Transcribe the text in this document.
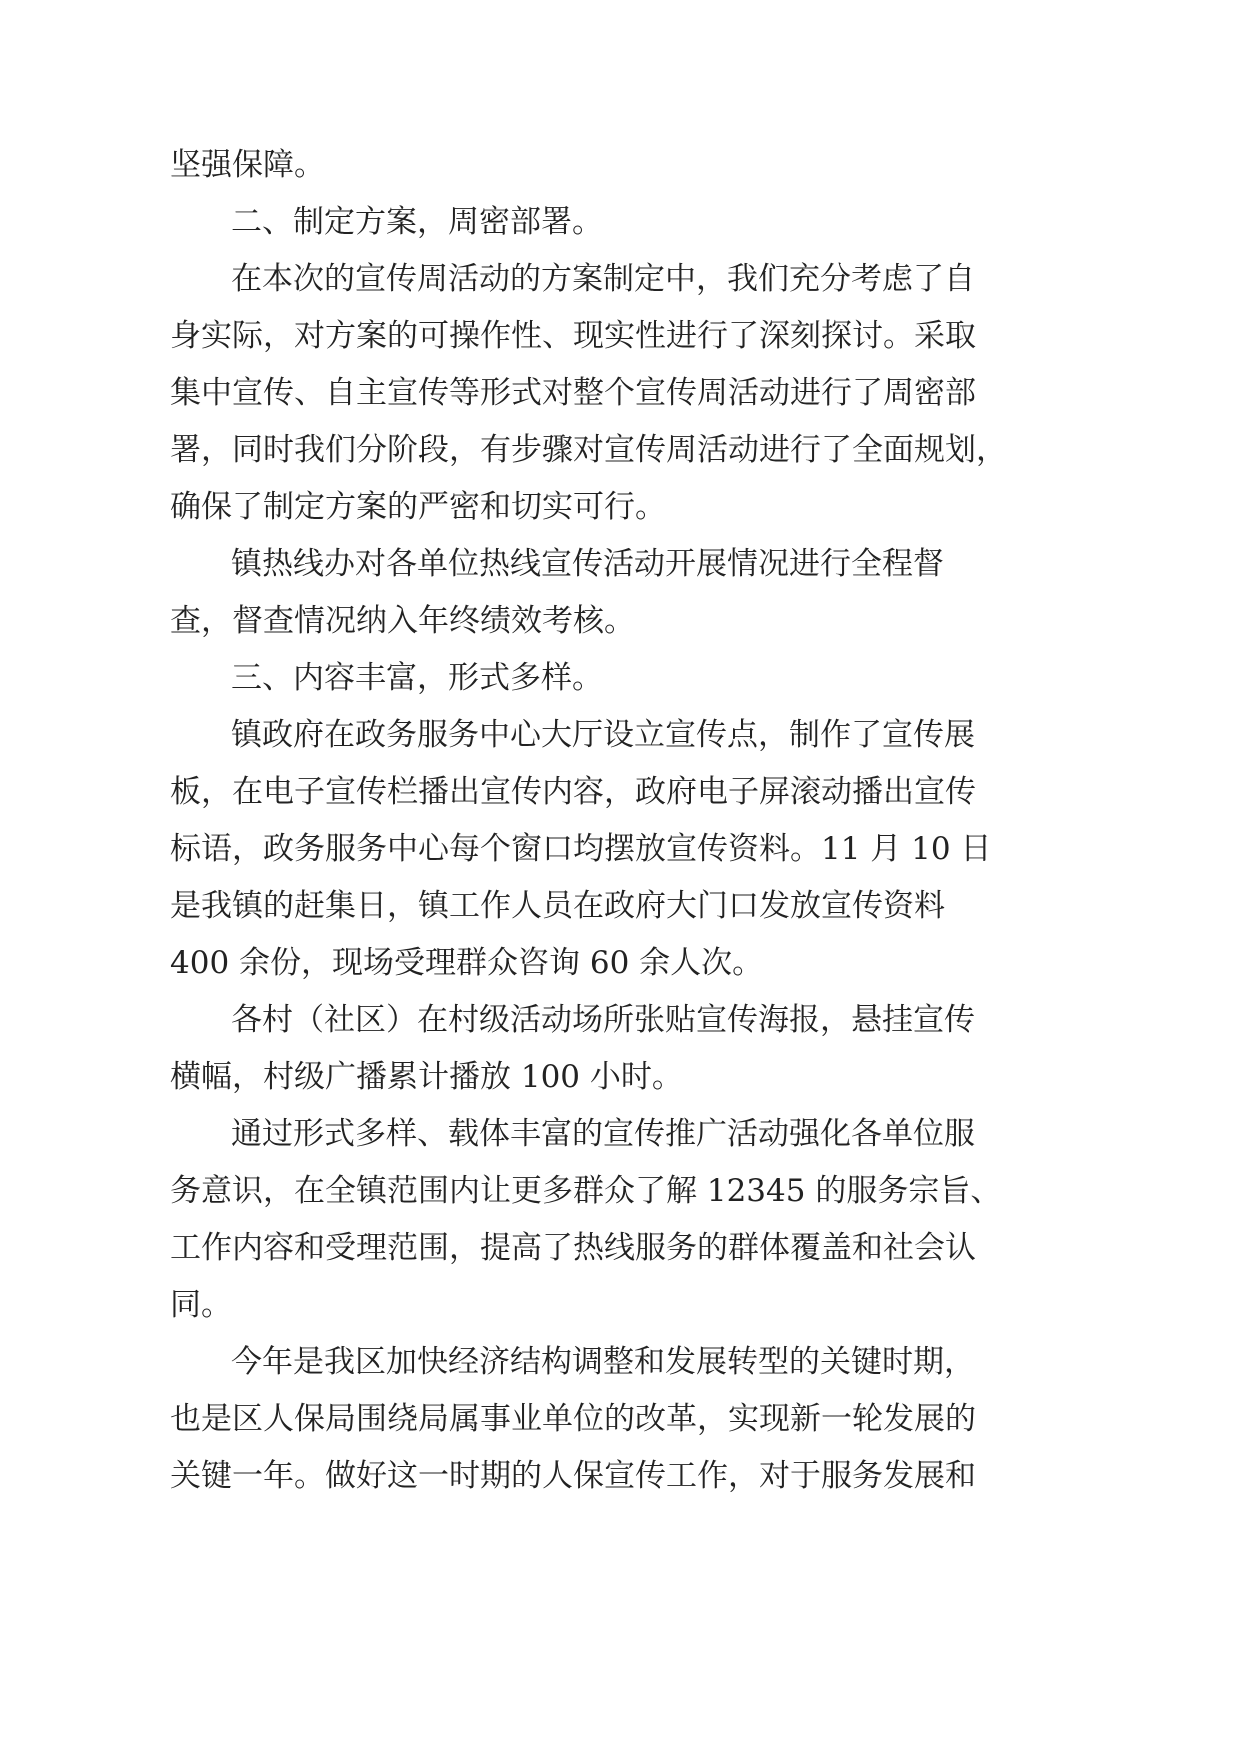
坚强保障。

二、制定方案，周密部署。

在本次的宣传周活动的方案制定中，我们充分考虑了自

身实际，对方案的可操作性、现实性进行了深刻探讨。采取

集中宣传、自主宣传等形式对整个宣传周活动进行了周密部

署，同时我们分阶段，有步骤对宣传周活动进行了全面规划，

确保了制定方案的严密和切实可行。

镇热线办对各单位热线宣传活动开展情况进行全程督

查，督查情况纳入年终绩效考核。

三、内容丰富，形式多样。

镇政府在政务服务中心大厅设立宣传点，制作了宣传展

板，在电子宣传栏播出宣传内容，政府电子屏滚动播出宣传

标语，政务服务中心每个窗口均摆放宣传资料。11 月 10 日

是我镇的赶集日，镇工作人员在政府大门口发放宣传资料

400 余份，现场受理群众咨询 60 余人次。

各村（社区）在村级活动场所张贴宣传海报，悬挂宣传

横幅，村级广播累计播放 100 小时。

通过形式多样、载体丰富的宣传推广活动强化各单位服

务意识，在全镇范围内让更多群众了解 12345 的服务宗旨、

工作内容和受理范围，提高了热线服务的群体覆盖和社会认

同。

今年是我区加快经济结构调整和发展转型的关键时期，

也是区人保局围绕局属事业单位的改革，实现新一轮发展的

关键一年。做好这一时期的人保宣传工作，对于服务发展和
